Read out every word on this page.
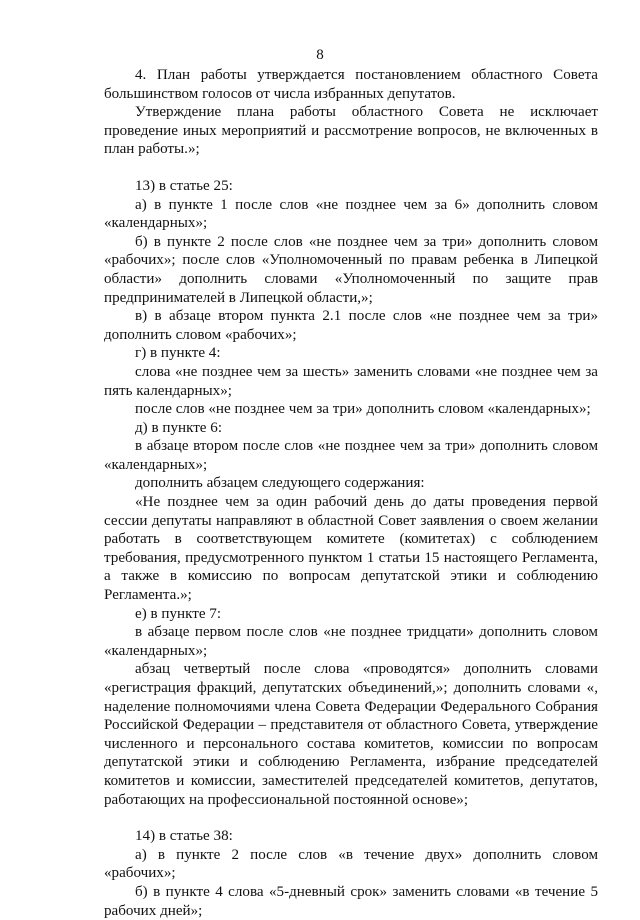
8

4. План работы утверждается постановлением областного Совета большинством голосов от числа избранных депутатов.

Утверждение плана работы областного Совета не исключает проведение иных мероприятий и рассмотрение вопросов, не включенных в план работы.»;

13) в статье 25:

а) в пункте 1 после слов «не позднее чем за 6» дополнить словом «календарных»;

б) в пункте 2 после слов «не позднее чем за три» дополнить словом «рабочих»; после слов «Уполномоченный по правам ребенка в Липецкой области» дополнить словами «Уполномоченный по защите прав предпринимателей в Липецкой области,»;

в) в абзаце втором пункта 2.1 после слов «не позднее чем за три» дополнить словом «рабочих»;

г) в пункте 4:

слова «не позднее чем за шесть» заменить словами «не позднее чем за пять календарных»;

после слов «не позднее чем за три» дополнить словом «календарных»;

д) в пункте 6:

в абзаце втором после слов «не позднее чем за три» дополнить словом «календарных»;

дополнить абзацем следующего содержания:

«Не позднее чем за один рабочий день до даты проведения первой сессии депутаты направляют в областной Совет заявления о своем желании работать в соответствующем комитете (комитетах) с соблюдением требования, предусмотренного пунктом 1 статьи 15 настоящего Регламента, а также в комиссию по вопросам депутатской этики и соблюдению Регламента.»;

е) в пункте 7:

в абзаце первом после слов «не позднее тридцати» дополнить словом «календарных»;

абзац четвертый после слова «проводятся» дополнить словами «регистрация фракций, депутатских объединений,»; дополнить словами «, наделение полномочиями члена Совета Федерации Федерального Собрания Российской Федерации – представителя от областного Совета, утверждение численного и персонального состава комитетов, комиссии по вопросам депутатской этики и соблюдению Регламента, избрание председателей комитетов и комиссии, заместителей председателей комитетов, депутатов, работающих на профессиональной постоянной основе»;

14) в статье 38:

а) в пункте 2 после слов «в течение двух» дополнить словом «рабочих»;

б) в пункте 4 слова «5-дневный срок» заменить словами «в течение 5 рабочих дней»;
